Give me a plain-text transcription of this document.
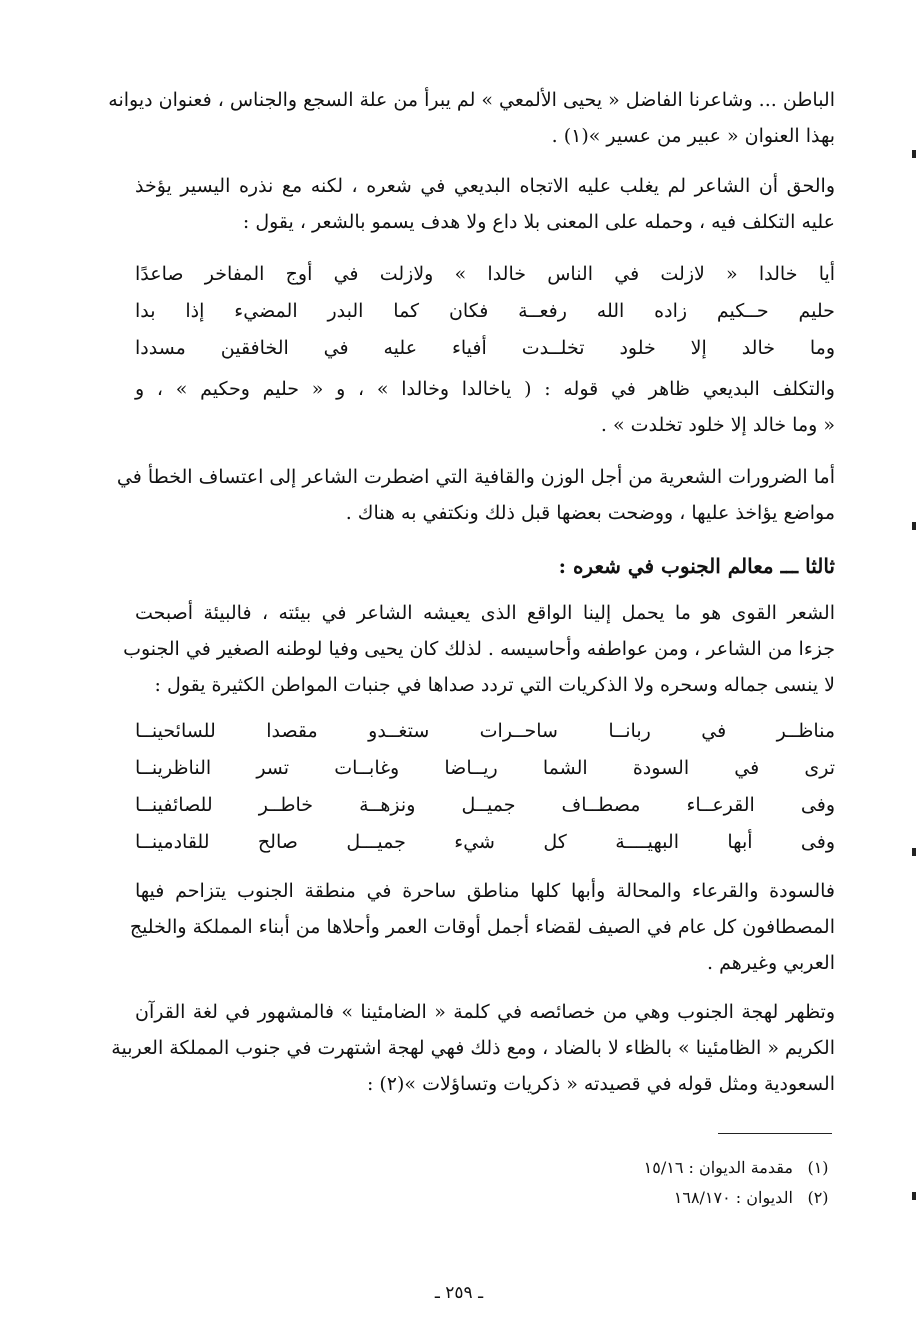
الباطن ... وشاعرنا الفاضل « يحيى الألمعي » لم يبرأ من علة السجع والجناس ، فعنوان ديوانه
بهذا العنوان « عبير من عسير »(١) .
والحق أن الشاعر لم يغلب عليه الاتجاه البديعي في شعره ، لكنه مع نذره اليسير يؤخذ
عليه التكلف فيه ، وحمله على المعنى بلا داع ولا هدف يسمو بالشعر ، يقول :
أيا خالدا « لازلت في الناس خالدا » ولازلت في أوج المفاخر صاعدًا
حليم حــكيم زاده الله رفعــة فكان كما البدر المضيء إذا بدا
وما خالد إلا خلود تخلــدت أفياء عليه في الخافقين مسددا
والتكلف البديعي ظاهر في قوله : ( ياخالدا وخالدا » ، و « حليم وحكيم » ، و
« وما خالد إلا خلود تخلدت » .
أما الضرورات الشعرية من أجل الوزن والقافية التي اضطرت الشاعر إلى اعتساف الخطأ في
مواضع يؤاخذ عليها ، ووضحت بعضها قبل ذلك ونكتفي به هناك .
ثالثا ـــ معالم الجنوب في شعره :
الشعر القوى هو ما يحمل إلينا الواقع الذى يعيشه الشاعر في بيئته ، فالبيئة أصبحت
جزءا من الشاعر ، ومن عواطفه وأحاسيسه . لذلك كان يحيى وفيا لوطنه الصغير في الجنوب
لا ينسى جماله وسحره ولا الذكريات التي تردد صداها في جنبات المواطن الكثيرة يقول :
مناظــر في ربانــا ساحــرات ستغــدو مقصدا للسائحينــا
ترى في السودة الشما ريــاضا وغابــات تسر الناظرينــا
وفى القرعــاء مصطــاف جميــل ونزهــة خاطــر للصائفينــا
وفى أبها البهيــــة كل شيء جميـــل صالح للقادمينــا
فالسودة والقرعاء والمحالة وأبها كلها مناطق ساحرة في منطقة الجنوب يتزاحم فيها
المصطافون كل عام في الصيف لقضاء أجمل أوقات العمر وأحلاها من أبناء المملكة والخليج
العربي وغيرهم .
وتظهر لهجة الجنوب وهي من خصائصه في كلمة « الضامئينا » فالمشهور في لغة القرآن
الكريم « الظامئينا » بالظاء لا بالضاد ، ومع ذلك فهي لهجة اشتهرت في جنوب المملكة العربية
السعودية ومثل قوله في قصيدته « ذكريات وتساؤلات »(٢) :
(١) مقدمة الديوان : ١٥/١٦
(٢) الديوان : ١٦٨/١٧٠
ـ ٢٥٩ ـ
